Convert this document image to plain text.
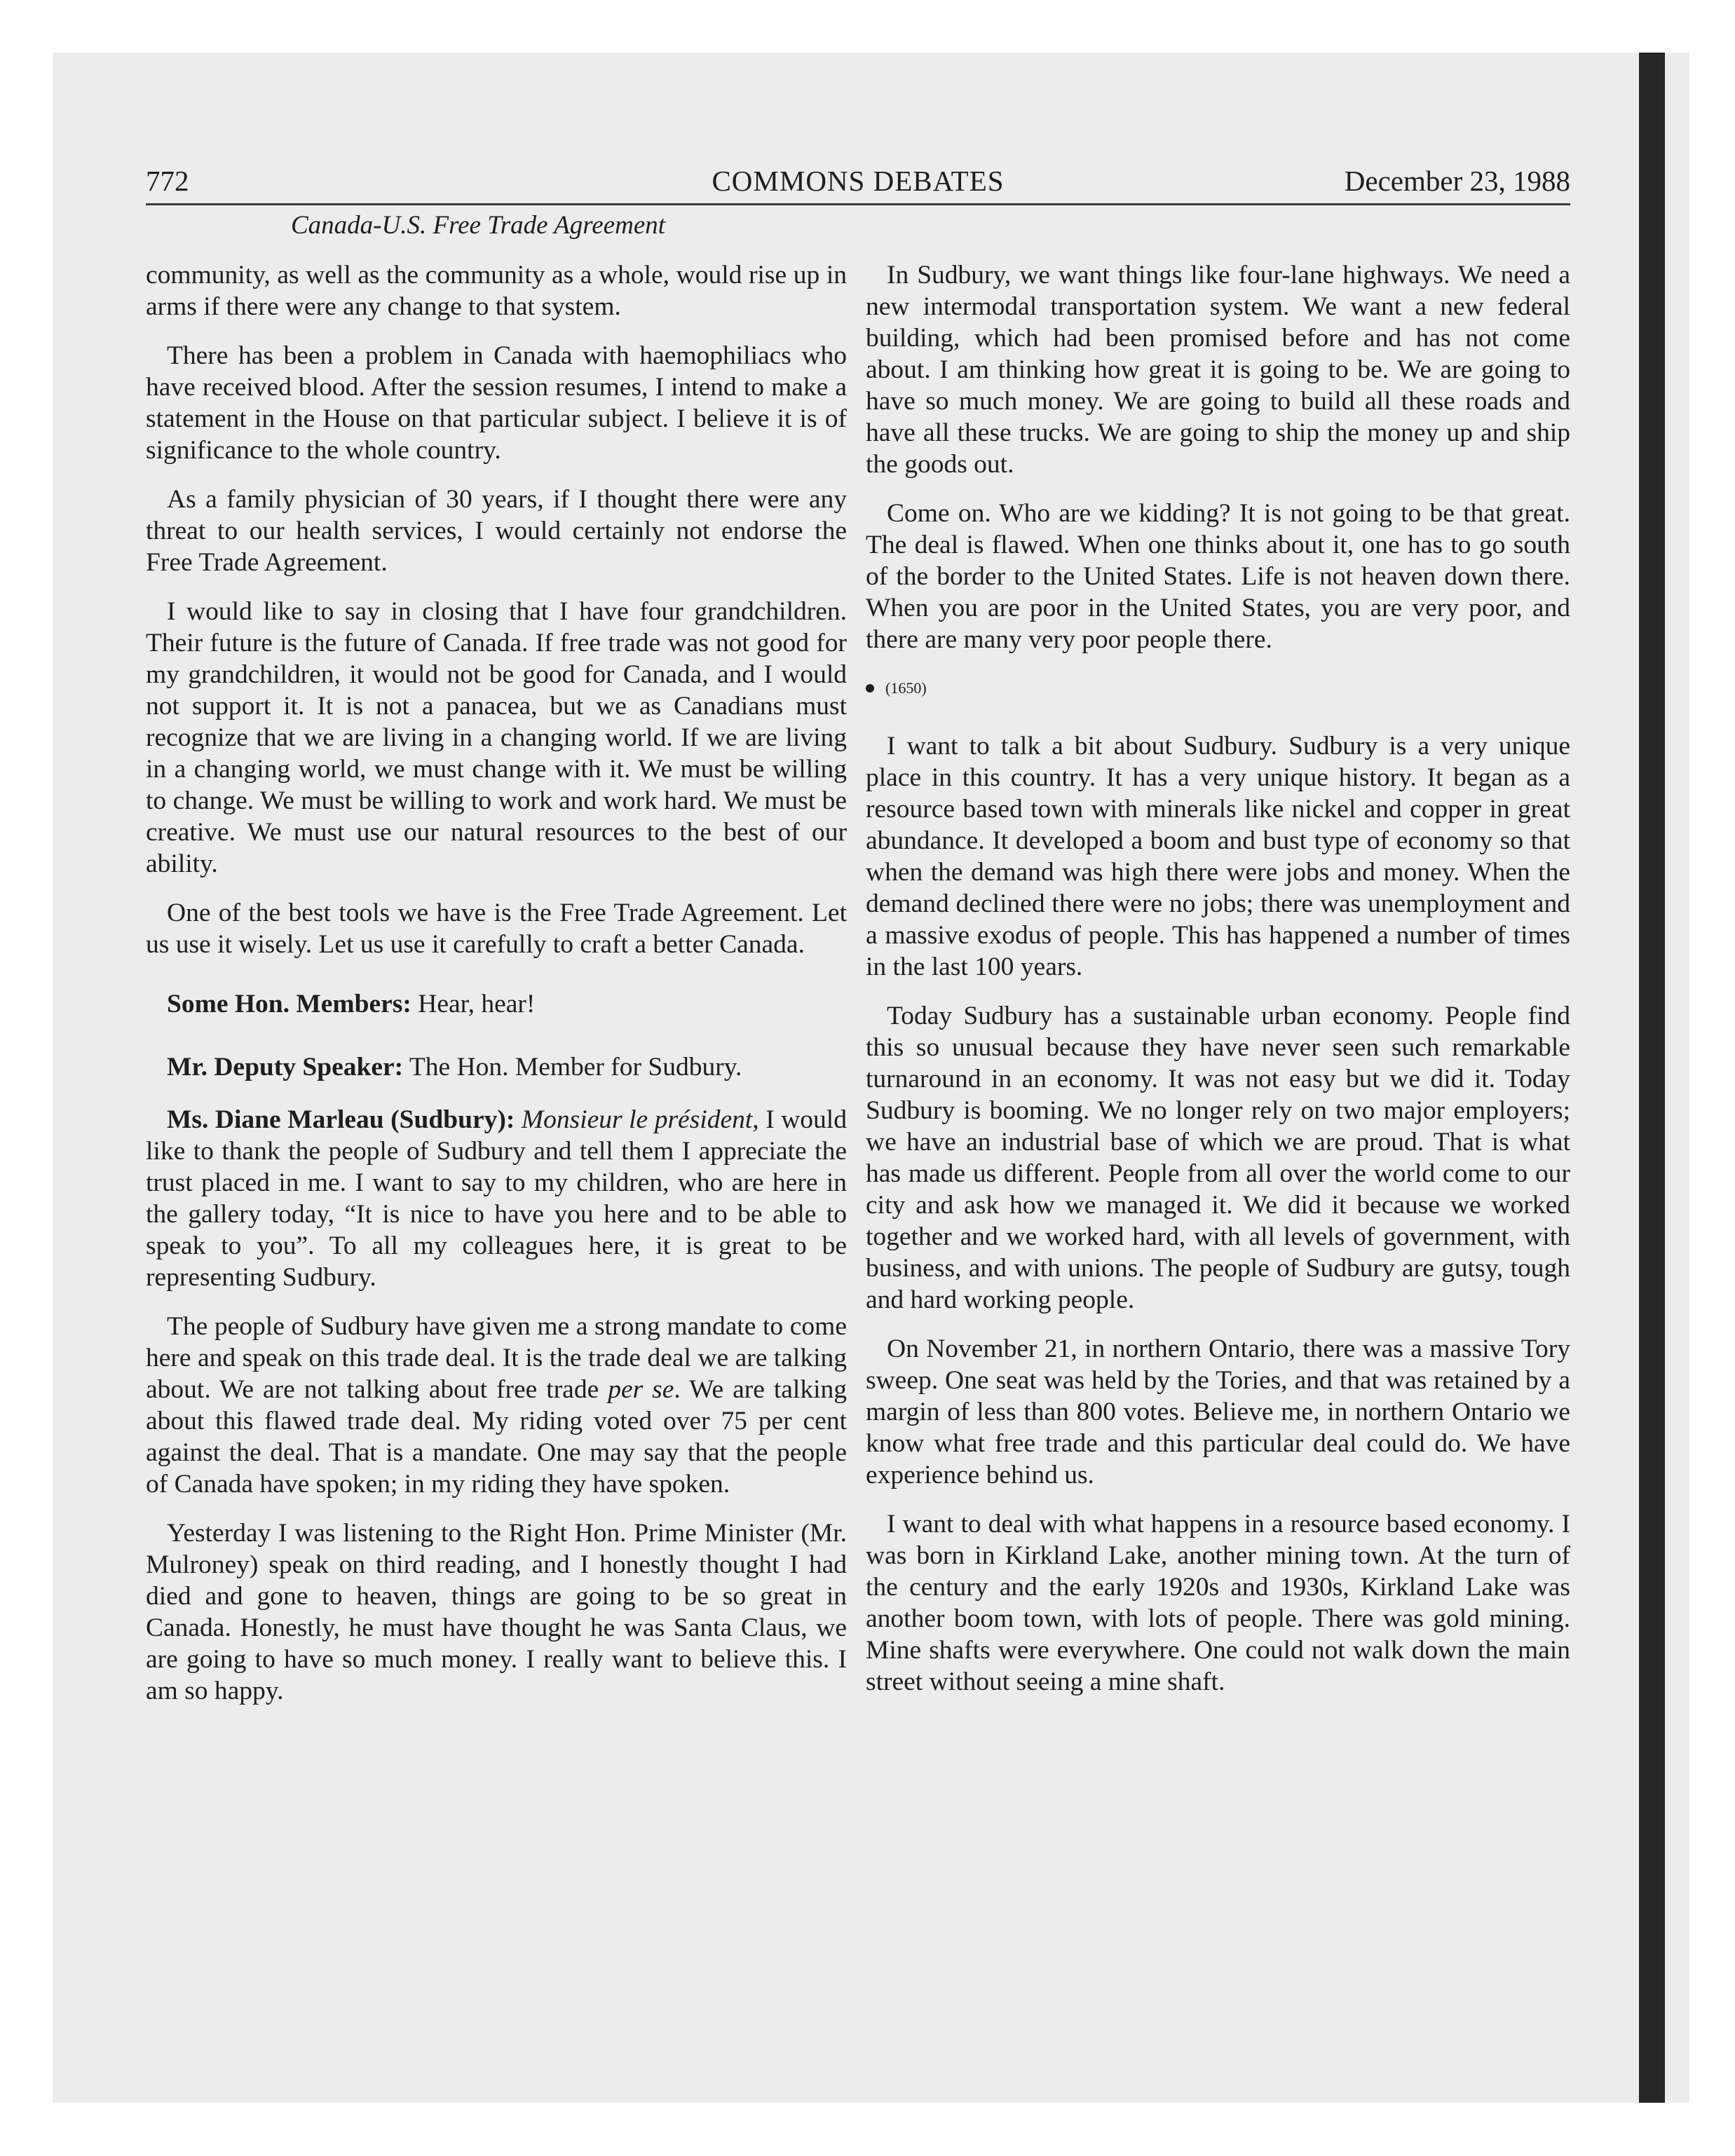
772	COMMONS DEBATES	December 23, 1988
Canada-U.S. Free Trade Agreement

community, as well as the community as a whole, would rise up in arms if there were any change to that system.

There has been a problem in Canada with haemophiliacs who have received blood. After the session resumes, I intend to make a statement in the House on that particular subject. I believe it is of significance to the whole country.

As a family physician of 30 years, if I thought there were any threat to our health services, I would certainly not endorse the Free Trade Agreement.

I would like to say in closing that I have four grandchildren. Their future is the future of Canada. If free trade was not good for my grandchildren, it would not be good for Canada, and I would not support it. It is not a panacea, but we as Canadians must recognize that we are living in a changing world. If we are living in a changing world, we must change with it. We must be willing to change. We must be willing to work and work hard. We must be creative. We must use our natural resources to the best of our ability.

One of the best tools we have is the Free Trade Agreement. Let us use it wisely. Let us use it carefully to craft a better Canada.

Some Hon. Members: Hear, hear!

Mr. Deputy Speaker: The Hon. Member for Sudbury.

Ms. Diane Marleau (Sudbury): Monsieur le président, I would like to thank the people of Sudbury and tell them I appreciate the trust placed in me. I want to say to my children, who are here in the gallery today, “It is nice to have you here and to be able to speak to you”. To all my colleagues here, it is great to be representing Sudbury.

The people of Sudbury have given me a strong mandate to come here and speak on this trade deal. It is the trade deal we are talking about. We are not talking about free trade per se. We are talking about this flawed trade deal. My riding voted over 75 per cent against the deal. That is a mandate. One may say that the people of Canada have spoken; in my riding they have spoken.

Yesterday I was listening to the Right Hon. Prime Minister (Mr. Mulroney) speak on third reading, and I honestly thought I had died and gone to heaven, things are going to be so great in Canada. Honestly, he must have thought he was Santa Claus, we are going to have so much money. I really want to believe this. I am so happy.

In Sudbury, we want things like four-lane highways. We need a new intermodal transportation system. We want a new federal building, which had been promised before and has not come about. I am thinking how great it is going to be. We are going to have so much money. We are going to build all these roads and have all these trucks. We are going to ship the money up and ship the goods out.

Come on. Who are we kidding? It is not going to be that great. The deal is flawed. When one thinks about it, one has to go south of the border to the United States. Life is not heaven down there. When you are poor in the United States, you are very poor, and there are many very poor people there.

(1650)

I want to talk a bit about Sudbury. Sudbury is a very unique place in this country. It has a very unique history. It began as a resource based town with minerals like nickel and copper in great abundance. It developed a boom and bust type of economy so that when the demand was high there were jobs and money. When the demand declined there were no jobs; there was unemployment and a massive exodus of people. This has happened a number of times in the last 100 years.

Today Sudbury has a sustainable urban economy. People find this so unusual because they have never seen such remarkable turnaround in an economy. It was not easy but we did it. Today Sudbury is booming. We no longer rely on two major employers; we have an industrial base of which we are proud. That is what has made us different. People from all over the world come to our city and ask how we managed it. We did it because we worked together and we worked hard, with all levels of government, with business, and with unions. The people of Sudbury are gutsy, tough and hard working people.

On November 21, in northern Ontario, there was a massive Tory sweep. One seat was held by the Tories, and that was retained by a margin of less than 800 votes. Believe me, in northern Ontario we know what free trade and this particular deal could do. We have experience behind us.

I want to deal with what happens in a resource based economy. I was born in Kirkland Lake, another mining town. At the turn of the century and the early 1920s and 1930s, Kirkland Lake was another boom town, with lots of people. There was gold mining. Mine shafts were everywhere. One could not walk down the main street without seeing a mine shaft.
